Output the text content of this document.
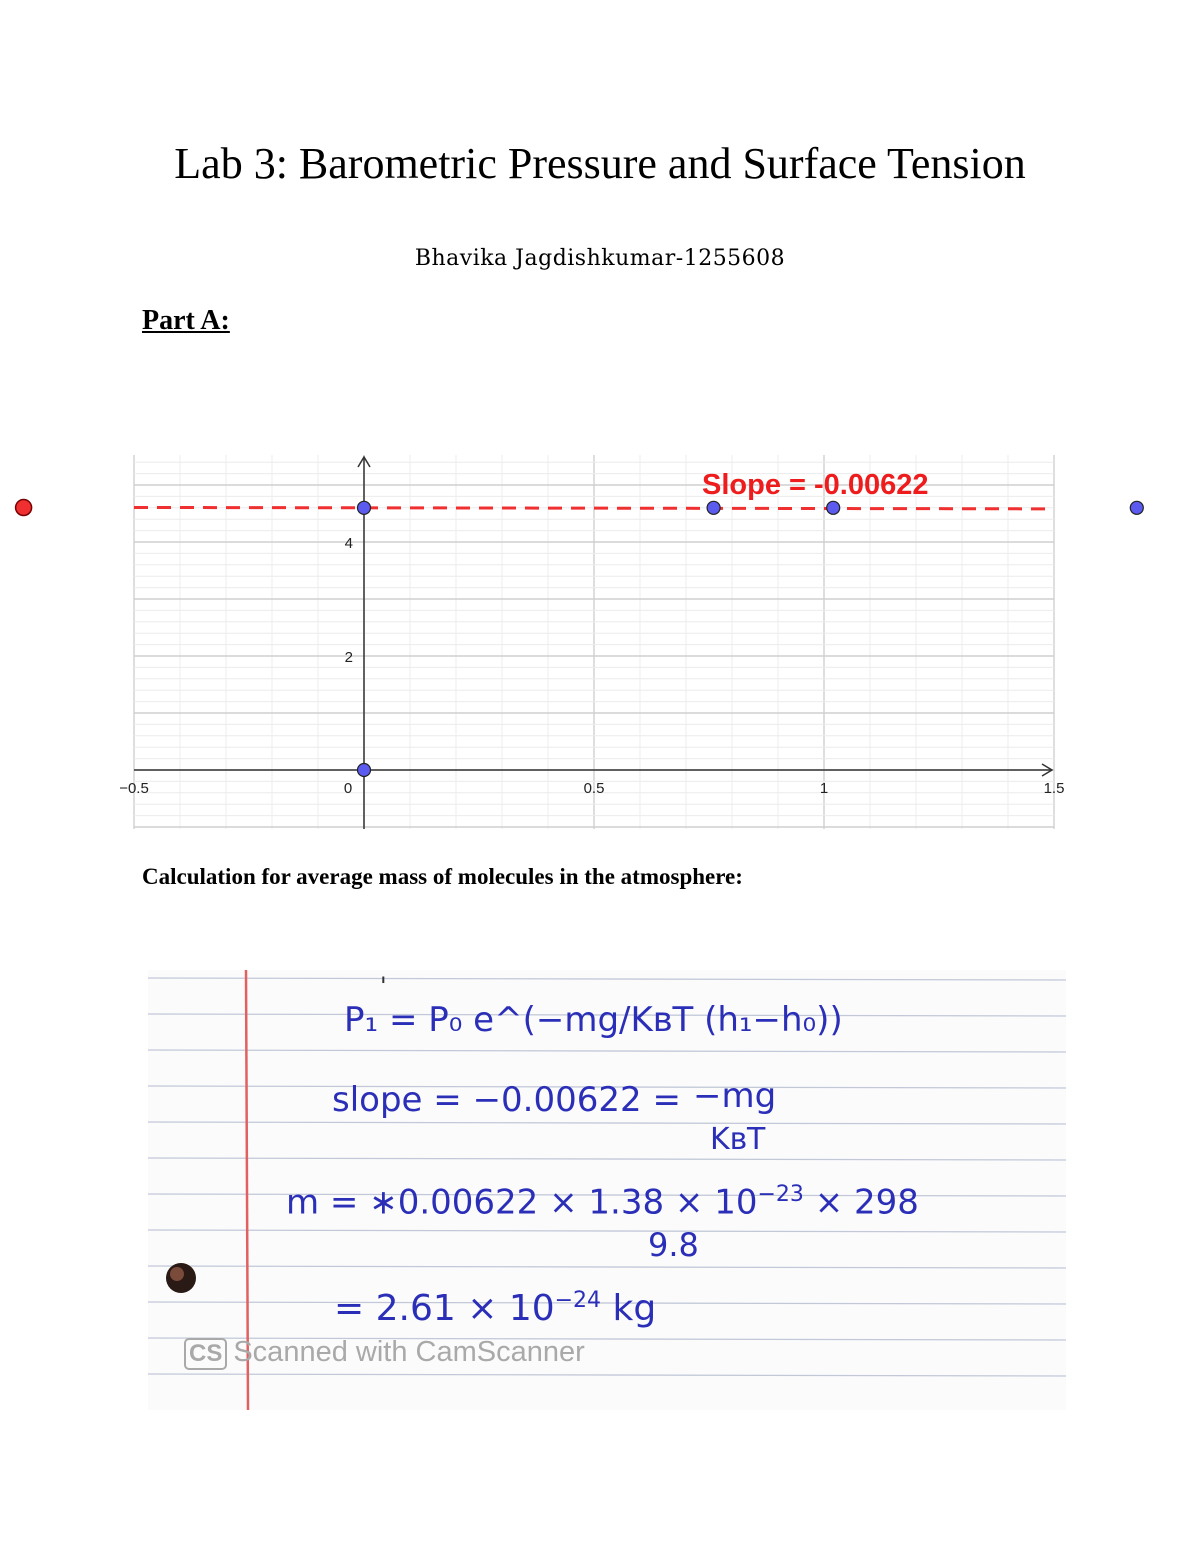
Lab 3: Barometric Pressure and Surface Tension
Bhavika Jagdishkumar-1255608
Part A:
−0.5	0	0.5	1	1.5
2
4
Slope = -0.00622
Calculation for average mass of molecules in the atmosphere:
'
P₁ = P₀ e^(−mg/KʙT (h₁−h₀))
slope = −0.00622 = −mg
KʙT
m = ∗0.00622 × $1.38 \times 10^{-23} \times 298$
9.8
= $2.61 \times 10^{-24}$ kg
CS Scanned with CamScanner
